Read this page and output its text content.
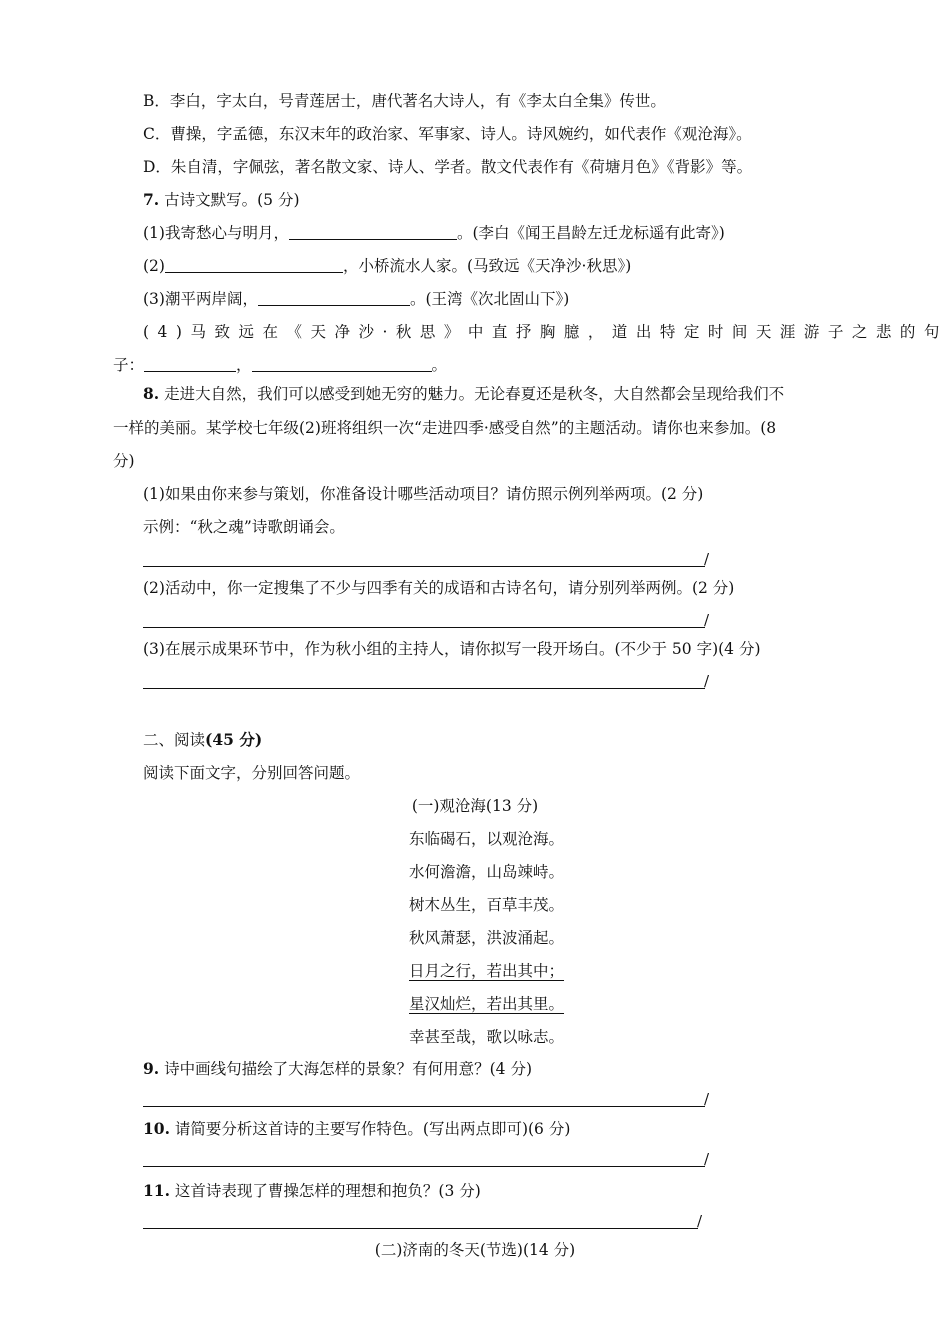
B．李白，字太白，号青莲居士，唐代著名大诗人，有《李太白全集》传世。
C．曹操，字孟德，东汉末年的政治家、军事家、诗人。诗风婉约，如代表作《观沧海》。
D．朱自清，字佩弦，著名散文家、诗人、学者。散文代表作有《荷塘月色》《背影》等。
7. 古诗文默写。(5 分)
(1)我寄愁心与明月，	。(李白《闻王昌龄左迁龙标遥有此寄》)
(2)	，小桥流水人家。(马致远《天净沙·秋思》)
(3)潮平两岸阔，	。(王湾《次北固山下》)
(4)马致远在《天净沙·秋思》中直抒胸臆，道出特定时间天涯游子之悲的句
子：	，	。
8. 走进大自然，我们可以感受到她无穷的魅力。无论春夏还是秋冬，大自然都会呈现给我们不
一样的美丽。某学校七年级(2)班将组织一次“走进四季·感受自然”的主题活动。请你也来参加。(8
分)
(1)如果由你来参与策划，你准备设计哪些活动项目？请仿照示例列举两项。(2 分)
示例：“秋之魂”诗歌朗诵会。
/
(2)活动中，你一定搜集了不少与四季有关的成语和古诗名句，请分别列举两例。(2 分)
/
(3)在展示成果环节中，作为秋小组的主持人，请你拟写一段开场白。(不少于 50 字)(4 分)
/
二、阅读(45 分)
阅读下面文字，分别回答问题。
(一)观沧海(13 分)
东临碣石，以观沧海。
水何澹澹，山岛竦峙。
树木丛生，百草丰茂。
秋风萧瑟，洪波涌起。
日月之行，若出其中；
星汉灿烂，若出其里。
幸甚至哉，歌以咏志。
9. 诗中画线句描绘了大海怎样的景象？有何用意？(4 分)
/
10. 请简要分析这首诗的主要写作特色。(写出两点即可)(6 分)
/
11. 这首诗表现了曹操怎样的理想和抱负？(3 分)
/
(二)济南的冬天(节选)(14 分)
